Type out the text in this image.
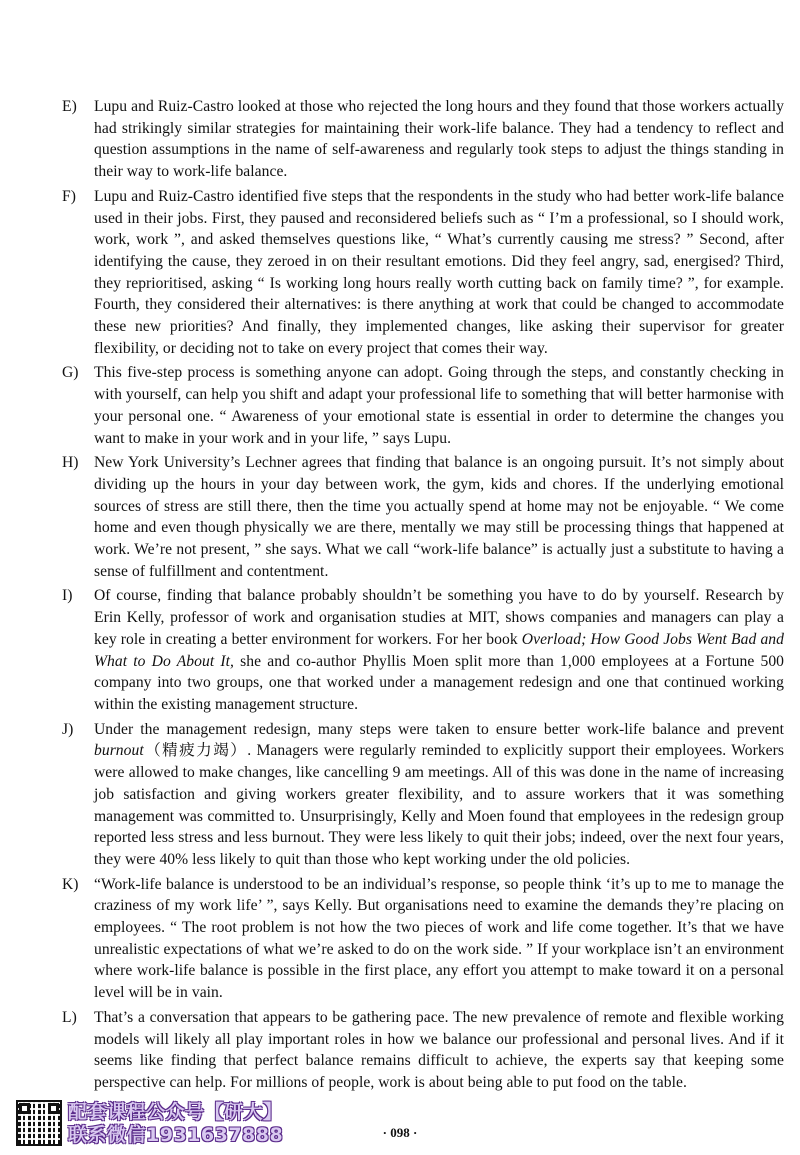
E)	Lupu and Ruiz-Castro looked at those who rejected the long hours and they found that those workers actually had strikingly similar strategies for maintaining their work-life balance. They had a tendency to reflect and question assumptions in the name of self-awareness and regularly took steps to adjust the things standing in their way to work-life balance.
F)	Lupu and Ruiz-Castro identified five steps that the respondents in the study who had better work-life balance used in their jobs. First, they paused and reconsidered beliefs such as “ I’m a professional, so I should work, work, work ”, and asked themselves questions like, “ What’s currently causing me stress? ” Second, after identifying the cause, they zeroed in on their resultant emotions. Did they feel angry, sad, energised? Third, they reprioritised, asking “ Is working long hours really worth cutting back on family time? ”, for example. Fourth, they considered their alternatives: is there anything at work that could be changed to accommodate these new priorities? And finally, they implemented changes, like asking their supervisor for greater flexibility, or deciding not to take on every project that comes their way.
G) This five-step process is something anyone can adopt. Going through the steps, and constantly checking in with yourself, can help you shift and adapt your professional life to something that will better harmonise with your personal one. “ Awareness of your emotional state is essential in order to determine the changes you want to make in your work and in your life, ” says Lupu.
H) New York University’s Lechner agrees that finding that balance is an ongoing pursuit. It’s not simply about dividing up the hours in your day between work, the gym, kids and chores. If the underlying emotional sources of stress are still there, then the time you actually spend at home may not be enjoyable. “ We come home and even though physically we are there, mentally we may still be processing things that happened at work. We’re not present, ” she says. What we call “work-life balance” is actually just a substitute to having a sense of fulfillment and contentment.
I)	Of course, finding that balance probably shouldn’t be something you have to do by yourself. Research by Erin Kelly, professor of work and organisation studies at MIT, shows companies and managers can play a key role in creating a better environment for workers. For her book Overload; How Good Jobs Went Bad and What to Do About It, she and co-author Phyllis Moen split more than 1,000 employees at a Fortune 500 company into two groups, one that worked under a management redesign and one that continued working within the existing management structure.
J)	Under the management redesign, many steps were taken to ensure better work-life balance and prevent burnout（精疲力竭）. Managers were regularly reminded to explicitly support their employees. Workers were allowed to make changes, like cancelling 9 am meetings. All of this was done in the name of increasing job satisfaction and giving workers greater flexibility, and to assure workers that it was something management was committed to. Unsurprisingly, Kelly and Moen found that employees in the redesign group reported less stress and less burnout. They were less likely to quit their jobs; indeed, over the next four years, they were 40% less likely to quit than those who kept working under the old policies.
K) “Work-life balance is understood to be an individual’s response, so people think ‘it’s up to me to manage the craziness of my work life’ ”, says Kelly. But organisations need to examine the demands they’re placing on employees. “ The root problem is not how the two pieces of work and life come together. It’s that we have unrealistic expectations of what we’re asked to do on the work side. ” If your workplace isn’t an environment where work-life balance is possible in the first place, any effort you attempt to make toward it on a personal level will be in vain.
L)	That’s a conversation that appears to be gathering pace. The new prevalence of remote and flexible working models will likely all play important roles in how we balance our professional and personal lives. And if it seems like finding that perfect balance remains difficult to achieve, the experts say that keeping some perspective can help. For millions of people, work is about being able to put food on the table.
配套课程公众号【研大】
联系微信1931637888	· 098 ·
